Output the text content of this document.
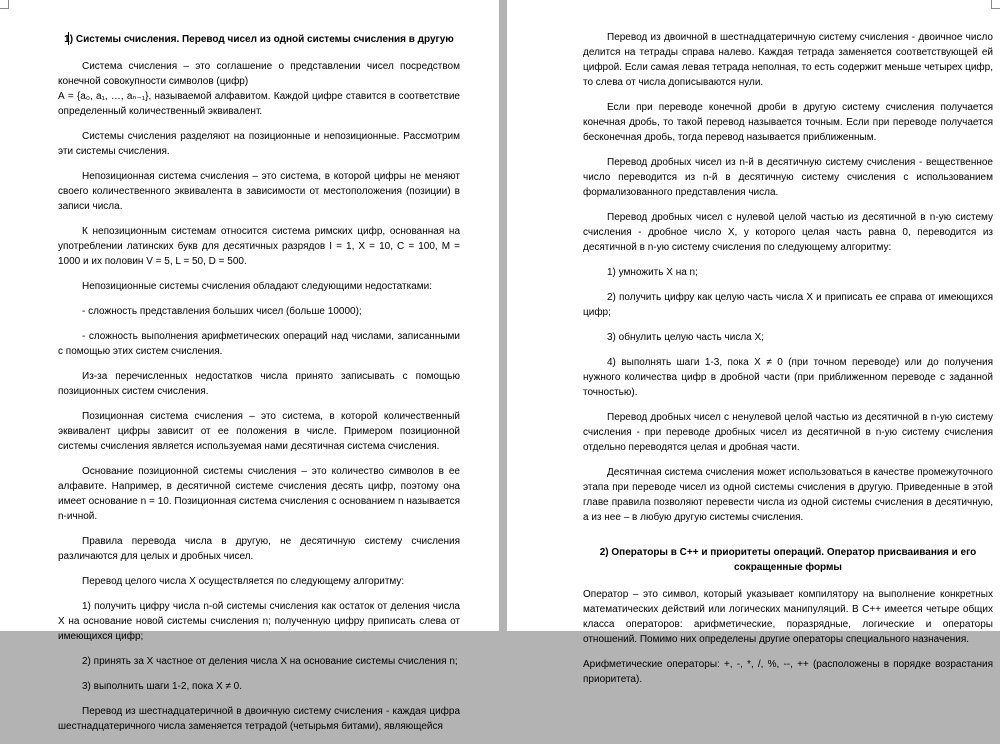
1) Системы счисления. Перевод чисел из одной системы счисления в другую

Система счисления – это соглашение о представлении чисел посредством конечной совокупности символов (цифр)

А = {a₀, a₁, …, aₙ₋₁}, называемой алфавитом. Каждой цифре ставится в соответствие определенный количественный эквивалент.

Системы счисления разделяют на позиционные и непозиционные. Рассмотрим эти системы счисления.

Непозиционная система счисления – это система, в которой цифры не меняют своего количественного эквивалента в зависимости от местоположения (позиции) в записи числа.

К непозиционным системам относится система римских цифр, основанная на употреблении латинских букв для десятичных разрядов I = 1, X = 10, C = 100, M = 1000 и их половин V = 5, L = 50, D = 500.

Непозиционные системы счисления обладают следующими недостатками:

- сложность представления больших чисел (больше 10000);

- сложность выполнения арифметических операций над числами, записанными с помощью этих систем счисления.

Из-за перечисленных недостатков числа принято записывать с помощью позиционных систем счисления.

Позиционная система счисления – это система, в которой количественный эквивалент цифры зависит от ее положения в числе. Примером позиционной системы счисления является используемая нами десятичная система счисления.

Основание позиционной системы счисления – это количество символов в ее алфавите. Например, в десятичной системе счисления десять цифр, поэтому она имеет основание n = 10. Позиционная система счисления с основанием n называется n-ичной.

Правила перевода числа в другую, не десятичную систему счисления различаются для целых и дробных чисел.

Перевод целого числа X осуществляется по следующему алгоритму:

1) получить цифру числа n-ой системы счисления как остаток от деления числа X на основание новой системы счисления n; полученную цифру приписать слева от имеющихся цифр;

2) принять за X частное от деления числа X на основание системы счисления n;

3) выполнить шаги 1-2, пока X ≠ 0.

Перевод из шестнадцатеричной в двоичную систему счисления - каждая цифра шестнадцатеричного числа заменяется тетрадой (четырьмя битами), являющейся

Перевод из двоичной в шестнадцатеричную систему счисления - двоичное число делится на тетрады справа налево. Каждая тетрада заменяется соответствующей ей цифрой. Если самая левая тетрада неполная, то есть содержит меньше четырех цифр, то слева от числа дописываются нули.

Если при переводе конечной дроби в другую систему счисления получается конечная дробь, то такой перевод называется точным. Если при переводе получается бесконечная дробь, тогда перевод называется приближенным.

Перевод дробных чисел из n-й в десятичную систему счисления - вещественное число переводится из n-й в десятичную систему счисления с использованием формализованного представления числа.

Перевод дробных чисел с нулевой целой частью из десятичной в n-ую систему счисления - дробное число X, у которого целая часть равна 0, переводится из десятичной в n-ую систему счисления по следующему алгоритму:

1) умножить X на n;

2) получить цифру как целую часть числа X и приписать ее справа от имеющихся цифр;

3) обнулить целую часть числа X;

4) выполнять шаги 1-3, пока X ≠ 0 (при точном переводе) или до получения нужного количества цифр в дробной части (при приближенном переводе с заданной точностью).

Перевод дробных чисел с ненулевой целой частью из десятичной в n-ую систему счисления - при переводе дробных чисел из десятичной в n-ую систему счисления отдельно переводятся целая и дробная части.

Десятичная система счисления может использоваться в качестве промежуточного этапа при переводе чисел из одной системы счисления в другую. Приведенные в этой главе правила позволяют перевести числа из одной системы счисления в десятичную, а из нее – в любую другую системы счисления.

2) Операторы в C++ и приоритеты операций. Оператор присваивания и его сокращенные формы

Оператор – это символ, который указывает компилятору на выполнение конкретных математических действий или логических манипуляций. В C++ имеется четыре общих класса операторов: арифметические, поразрядные, логические и операторы отношений. Помимо них определены другие операторы специального назначения.

Арифметические операторы: +, -, *, /, %, --, ++ (расположены в порядке возрастания приоритета).
